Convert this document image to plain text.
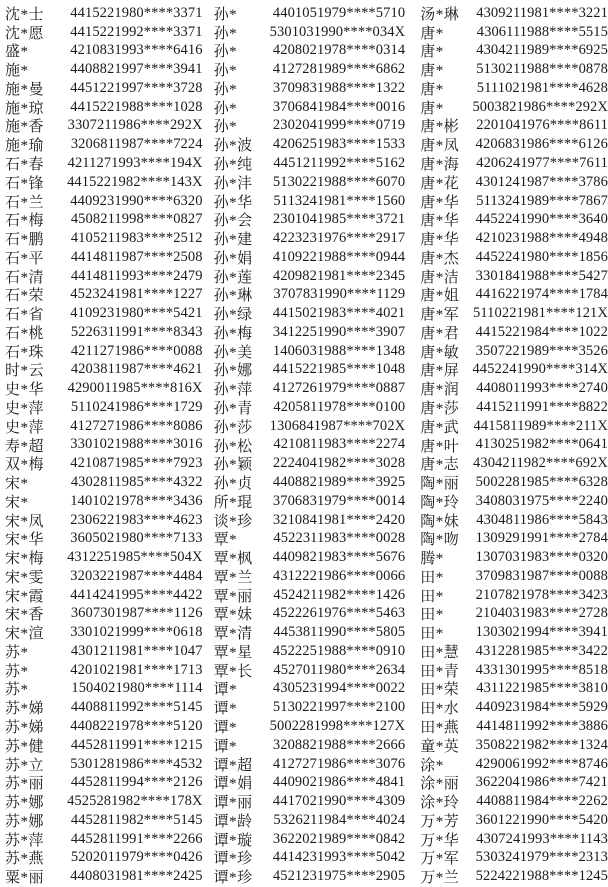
沈*士	4415221980****3371
沈*愿	4415221992****3371
盛*	4210831993****6416
施*	4408821997****3941
施*曼	4451221997****3728
施*琼	4415221988****1028
施*香	3307211986****292X
施*瑜	3206811987****7224
石*春	4211271993****194X
石*锋	4415221982****143X
石*兰	4409231990****6320
石*梅	4508211998****0827
石*鹏	4105211983****2512
石*平	4414811987****2508
石*清	4414811993****2479
石*荣	4523241981****1227
石*省	4109231980****5421
石*桃	5226311991****8343
石*珠	4211271986****0088
时*云	4203811987****4621
史*华	4290011985****816X
史*萍	5110241986****1729
史*萍	4127271986****8086
寿*超	3301021988****3016
双*梅	4210871985****7923
宋*	4302811985****4322
宋*	1401021978****3436
宋*凤	2306221983****4623
宋*华	3605021980****7133
宋*梅	4312251985****504X
宋*雯	3203221987****4484
宋*霞	4414241995****4422
宋*香	3607301987****1126
宋*渲	3301021999****0618
苏*	4301211981****1047
苏*	4201021981****1713
苏*	1504021980****1114
苏*娣	4408811992****5145
苏*娣	4408221978****5120
苏*健	4452811991****1215
苏*立	5301281986****4532
苏*丽	4452811994****2126
苏*娜	4525281982****178X
苏*娜	4452811982****5145
苏*萍	4452811991****2266
苏*燕	5202011979****0426
粟*丽	4408031981****2425
孙*	4401051979****5710
孙*	5301031990****034X
孙*	4208021978****0314
孙*	4127281989****6862
孙*	3709831988****1322
孙*	3706841984****0016
孙*	2302041999****0719
孙*波	4206251983****1533
孙*纯	4451211992****5162
孙*沣	5130221988****6070
孙*华	5113241981****1560
孙*会	2301041985****3721
孙*建	4223231976****2917
孙*娟	4109221988****0944
孙*莲	4209821981****2345
孙*琳	3707831990****1129
孙*绿	4415021983****4021
孙*梅	3412251990****3907
孙*美	1406031988****1348
孙*娜	4415221985****1048
孙*萍	4127261979****0887
孙*青	4205811978****0100
孙*莎	1306841987****702X
孙*松	4210811983****2274
孙*颖	2224041982****3028
孙*贞	4408821989****3925
所*琨	3706831979****0014
谈*珍	3210841981****2420
覃*	4522311983****0028
覃*枫	4409821983****5676
覃*兰	4312221986****0066
覃*丽	4524211982****1426
覃*妹	4522261976****5463
覃*清	4453811990****5805
覃*星	4522251988****0910
覃*长	4527011980****2634
谭*	4305231994****0022
谭*	5130221997****2100
谭*	5002281998****127X
谭*	3208821988****2666
谭*超	4127271986****3076
谭*娟	4409021986****4841
谭*丽	4417021990****4309
谭*龄	5326211984****4024
谭*璇	3622021989****0842
谭*珍	4414231993****5042
谭*珍	4521231975****2905
汤*琳	4309211981****3221
唐*	4306111988****5515
唐*	4304211989****6925
唐*	5130211988****0878
唐*	5111021981****4628
唐*	5003821986****292X
唐*彬	2201041976****8611
唐*凤	4206831986****6126
唐*海	4206241977****7611
唐*花	4301241987****3786
唐*华	5113241989****7867
唐*华	4452241990****3640
唐*华	4210231988****4948
唐*杰	4452241980****1856
唐*洁	3301841988****5427
唐*姐	4416221974****1784
唐*军 5110221981****121X
唐*君	4415221984****1022
唐*敏	3507221989****3526
唐*屏 4452241990****314X
唐*润	4408011993****2740
唐*莎	4415211991****8822
唐*武 4415811989****211X
唐*叶	4130251982****0641
唐*志 4304211982****692X
陶*丽	5002281985****6328
陶*玲	3408031975****2240
陶*妹	4304811986****5843
陶*吻	1309291991****2784
腾*	1307031983****0320
田*	3709831987****0088
田*	2107821978****3423
田*	2104031983****2728
田*	1303021994****3941
田*慧	4312281985****3422
田*青	4331301995****8518
田*荣	4311221985****3810
田*水	4409231984****5929
田*燕	4414811992****3886
童*英	3508221982****1324
涂*	4290061992****8746
涂*丽	3622041986****7421
涂*玲	4408811984****2262
万*芳	3601221990****5420
万*华	4307241993****1143
万*军	5303241979****2313
万*兰	5224221988****1245
